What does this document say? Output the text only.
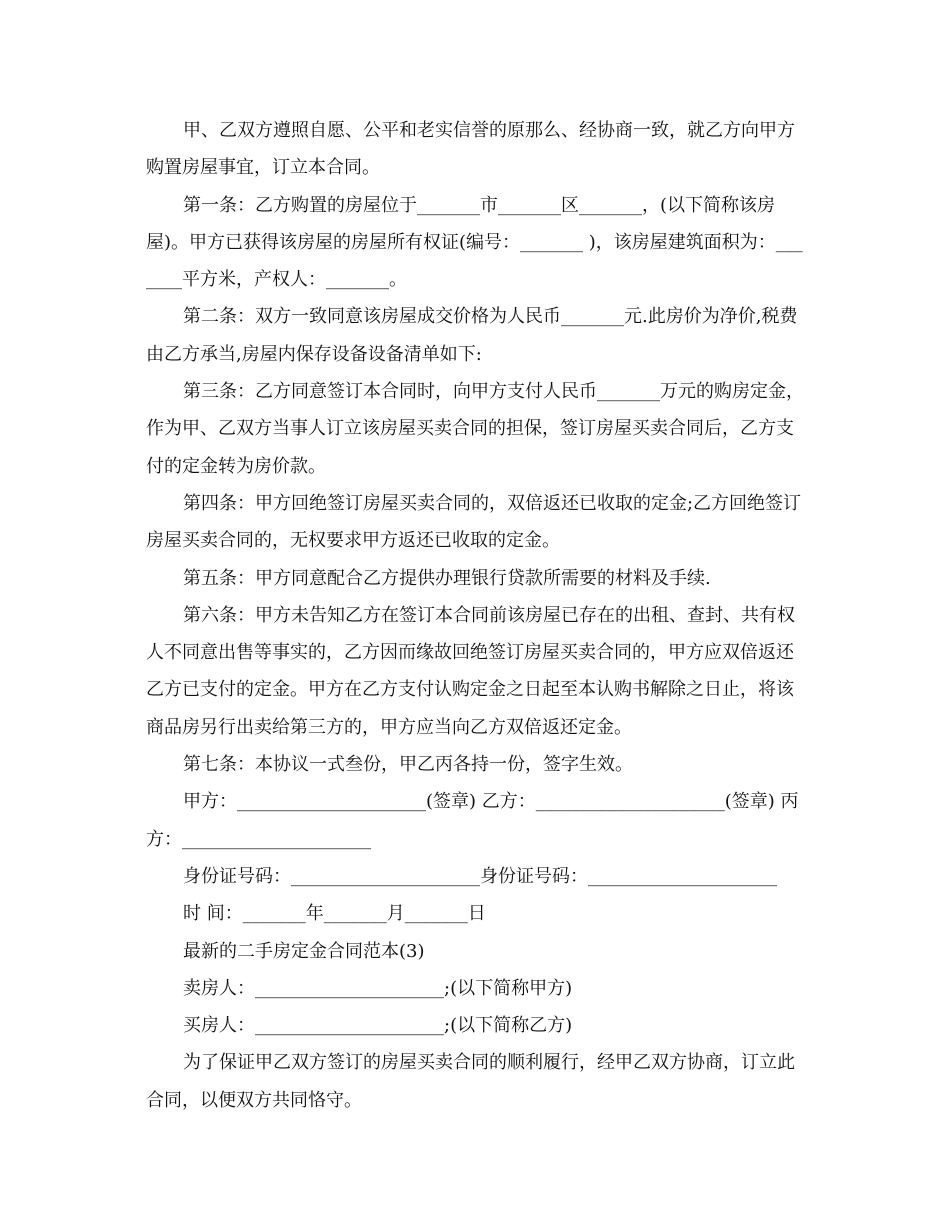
甲、乙双方遵照自愿、公平和老实信誉的原那么、经协商一致，就乙方向甲方购置房屋事宜，订立本合同。

第一条：乙方购置的房屋位于_______市_______区_______，(以下简称该房屋)。甲方已获得该房屋的房屋所有权证(编号：_______ )，该房屋建筑面积为：_______平方米，产权人：_______。

第二条：双方一致同意该房屋成交价格为人民币_______元.此房价为净价,税费由乙方承当,房屋内保存设备设备清单如下:

第三条：乙方同意签订本合同时，向甲方支付人民币_______万元的购房定金，作为甲、乙双方当事人订立该房屋买卖合同的担保，签订房屋买卖合同后，乙方支付的定金转为房价款。

第四条：甲方回绝签订房屋买卖合同的，双倍返还已收取的定金;乙方回绝签订房屋买卖合同的，无权要求甲方返还已收取的定金。

第五条：甲方同意配合乙方提供办理银行贷款所需要的材料及手续.

第六条：甲方未告知乙方在签订本合同前该房屋已存在的出租、查封、共有权人不同意出售等事实的，乙方因而缘故回绝签订房屋买卖合同的，甲方应双倍返还乙方已支付的定金。甲方在乙方支付认购定金之日起至本认购书解除之日止，将该商品房另行出卖给第三方的，甲方应当向乙方双倍返还定金。

第七条：本协议一式叁份，甲乙丙各持一份，签字生效。

甲方：_____________________(签章) 乙方：_____________________(签章) 丙方：_____________________

身份证号码：_____________________身份证号码：_____________________

时 间：_______年_______月_______日

最新的二手房定金合同范本(3)

卖房人：_____________________;(以下简称甲方)

买房人：_____________________;(以下简称乙方)

为了保证甲乙双方签订的房屋买卖合同的顺利履行，经甲乙双方协商，订立此合同，以便双方共同恪守。
